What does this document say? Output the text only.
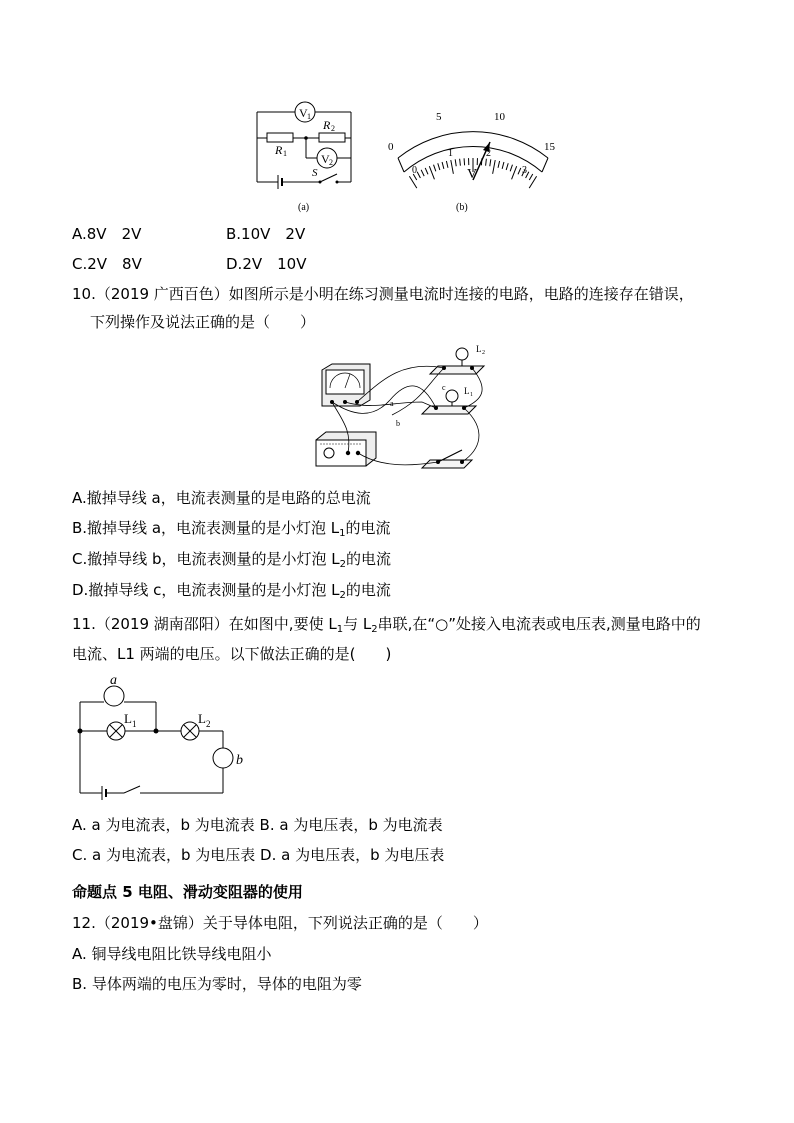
V 1
V 2
R 2
R 1
S
(a)
0
5	10
15
0
1	2
3
V
(b)
A.8V　2V	B.10V　2V
C.2V　8V	D.2V　10V
10.（2019 广西百色）如图所示是小明在练习测量电流时连接的电路，电路的连接存在错误，
下列操作及说法正确的是（　　）
L 2
L 1
a
b
c
A.撤掉导线 a，电流表测量的是电路的总电流
B.撤掉导线 a，电流表测量的是小灯泡 $L_1$的电流
C.撤掉导线 b，电流表测量的是小灯泡 $L_2$的电流
D.撤掉导线 c，电流表测量的是小灯泡 $L_2$的电流
11.（2019 湖南邵阳）在如图中,要使 $L_1$与 $L_2$串联,在“○”处接入电流表或电压表,测量电路中的
电流、L1 两端的电压。以下做法正确的是(　　)
a
b
L 1	L 2
A. a 为电流表，b 为电流表 B. a 为电压表，b 为电流表
C. a 为电流表，b 为电压表 D. a 为电压表，b 为电压表
命题点 5 电阻、滑动变阻器的使用
12.（2019•盘锦）关于导体电阻，下列说法正确的是（　　）
A. 铜导线电阻比铁导线电阻小
B. 导体两端的电压为零时，导体的电阻为零
